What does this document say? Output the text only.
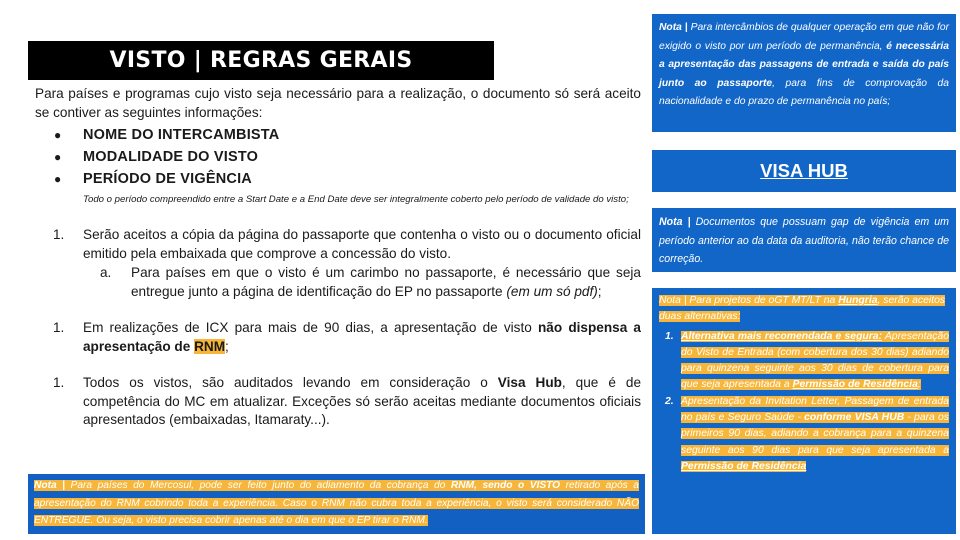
VISTO | REGRAS GERAIS

Para países e programas cujo visto seja necessário para a realização, o documento só será aceito se contiver as seguintes informações:

● NOME DO INTERCAMBISTA
● MODALIDADE DO VISTO
● PERÍODO DE VIGÊNCIA

Todo o período compreendido entre a Start Date e a End Date deve ser integralmente coberto pelo período de validade do visto;

1. Serão aceitos a cópia da página do passaporte que contenha o visto ou o documento oficial emitido pela embaixada que comprove a concessão do visto.
a. Para países em que o visto é um carimbo no passaporte, é necessário que seja entregue junto a página de identificação do EP no passaporte (em um só pdf);
1. Em realizações de ICX para mais de 90 dias, a apresentação de visto não dispensa a apresentação de RNM;
1. Todos os vistos, são auditados levando em consideração o Visa Hub, que é de competência do MC em atualizar. Exceções só serão aceitas mediante documentos oficiais apresentados (embaixadas, Itamaraty...).
Nota | Para países do Mercosul, pode ser feito junto do adiamento da cobrança do RNM, sendo o VISTO retirado após a apresentação do RNM cobrindo toda a experiência. Caso o RNM não cubra toda a experiência, o visto será considerado NÃO ENTREGUE. Ou seja, o visto precisa cobrir apenas até o dia em que o EP tirar o RNM.
Nota | Para intercâmbios de qualquer operação em que não for exigido o visto por um período de permanência, é necessária a apresentação das passagens de entrada e saída do país junto ao passaporte, para fins de comprovação da nacionalidade e do prazo de permanência no país;
VISA HUB
Nota | Documentos que possuam gap de vigência em um período anterior ao da data da auditoria, não terão chance de correção.
Nota | Para projetos de oGT MT/LT na Hungria, serão aceitos duas alternativas:
1. Alternativa mais recomendada e segura: Apresentação do Visto de Entrada (com cobertura dos 30 dias) adiando para quinzena seguinte aos 30 dias de cobertura para que seja apresentada a Permissão de Residência;
2. Apresentação da Invitation Letter, Passagem de entrada no país e Seguro Saúde - conforme VISA HUB - para os primeiros 90 dias, adiando a cobrança para a quinzena seguinte aos 90 dias para que seja apresentada a Permissão de Residência
